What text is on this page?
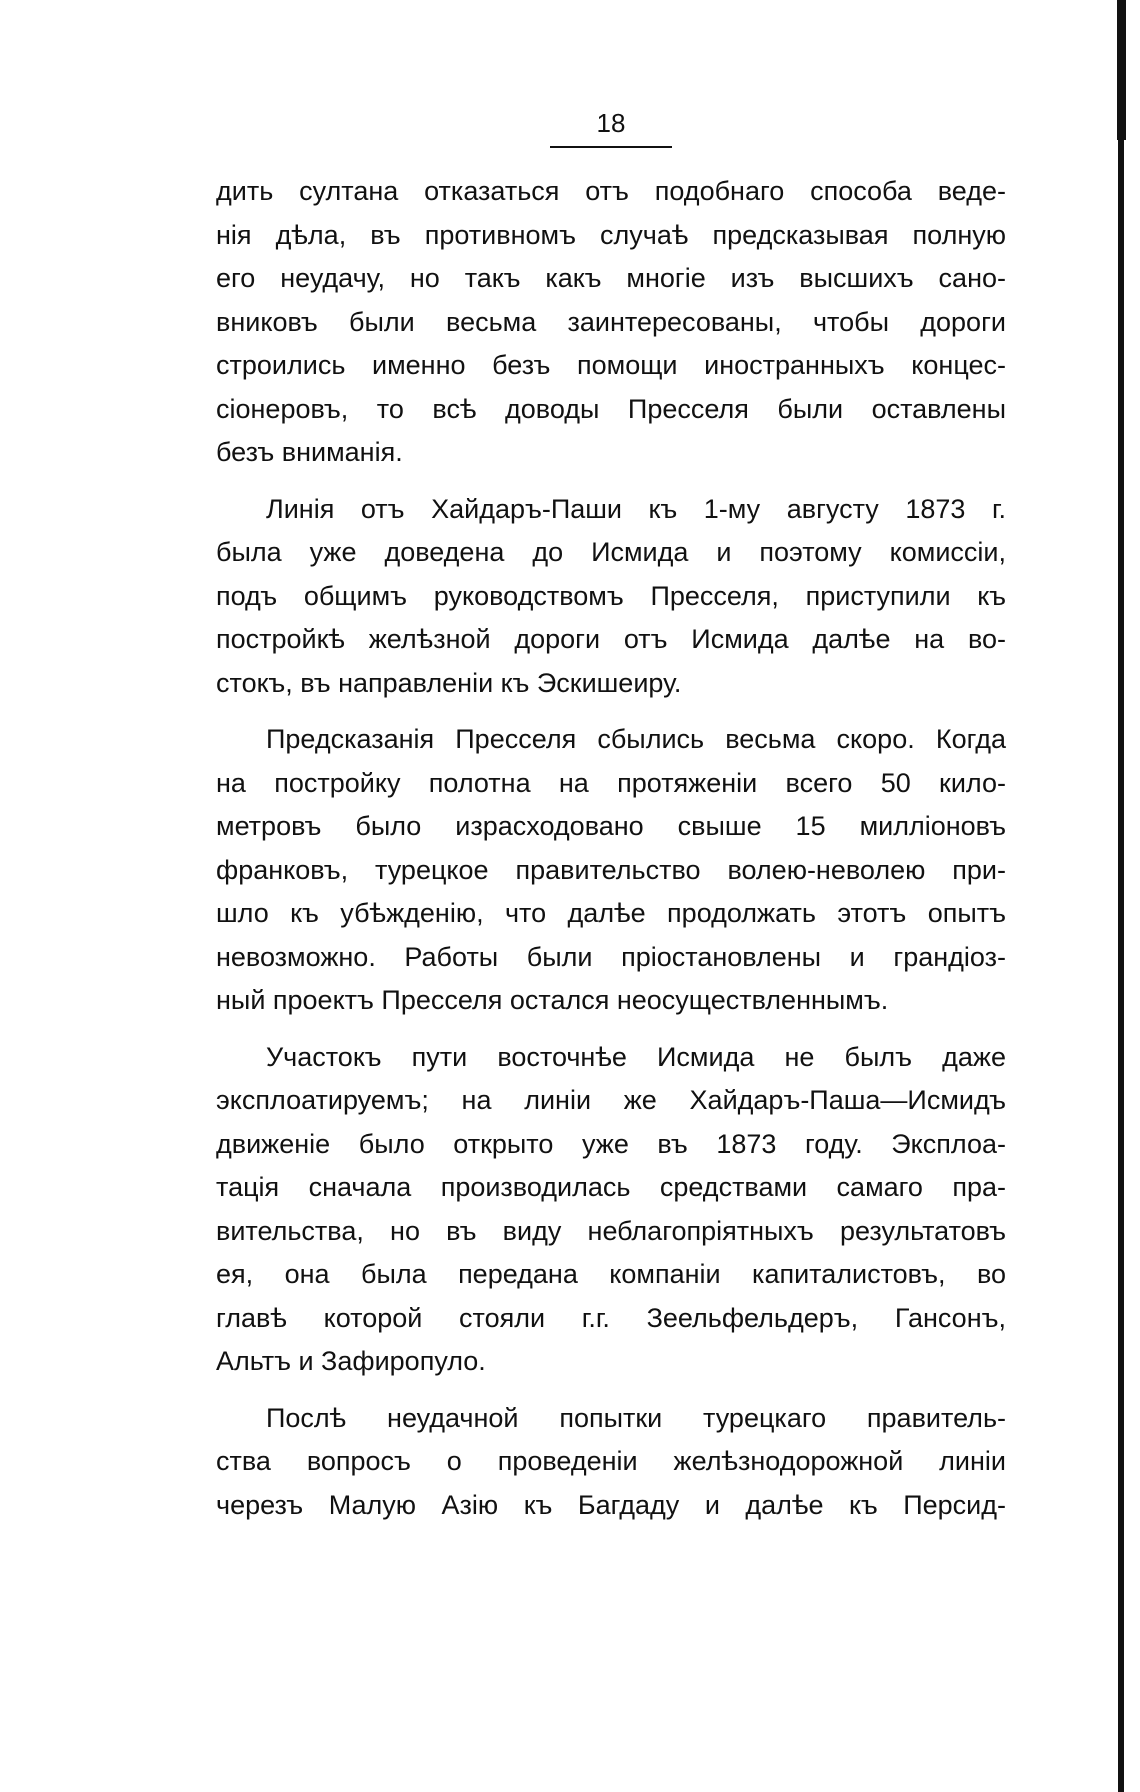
18
дить султана отказаться отъ подобнаго способа веде-
нія дѣла, въ противномъ случаѣ предсказывая полную
его неудачу, но такъ какъ многіе изъ высшихъ сано-
вниковъ были весьма заинтересованы, чтобы дороги
строились именно безъ помощи иностранныхъ концес-
сіонеровъ, то всѣ доводы Пресселя были оставлены
безъ вниманія.
Линія отъ Хайдаръ-Паши къ 1-му августу 1873 г.
была уже доведена до Исмида и поэтому комиссіи,
подъ общимъ руководствомъ Пресселя, приступили къ
постройкѣ желѣзной дороги отъ Исмида далѣе на во-
стокъ, въ направленіи къ Эскишеиру.
Предсказанія Пресселя сбылись весьма скоро. Когда
на постройку полотна на протяженіи всего 50 кило-
метровъ было израсходовано свыше 15 милліоновъ
франковъ, турецкое правительство волею-неволею при-
шло къ убѣжденію, что далѣе продолжать этотъ опытъ
невозможно. Работы были пріостановлены и грандіоз-
ный проектъ Пресселя остался неосуществленнымъ.
Участокъ пути восточнѣе Исмида не былъ даже
эксплоатируемъ; на линіи же Хайдаръ-Паша—Исмидъ
движеніе было открыто уже въ 1873 году. Эксплоа-
тація сначала производилась средствами самаго пра-
вительства, но въ виду неблагопріятныхъ результатовъ
ея, она была передана компаніи капиталистовъ, во
главѣ которой стояли г.г. Зеельфельдеръ, Гансонъ,
Альтъ и Зафиропуло.
Послѣ неудачной попытки турецкаго правитель-
ства вопросъ о проведеніи желѣзнодорожной линіи
черезъ Малую Азію къ Багдаду и далѣе къ Персид-
